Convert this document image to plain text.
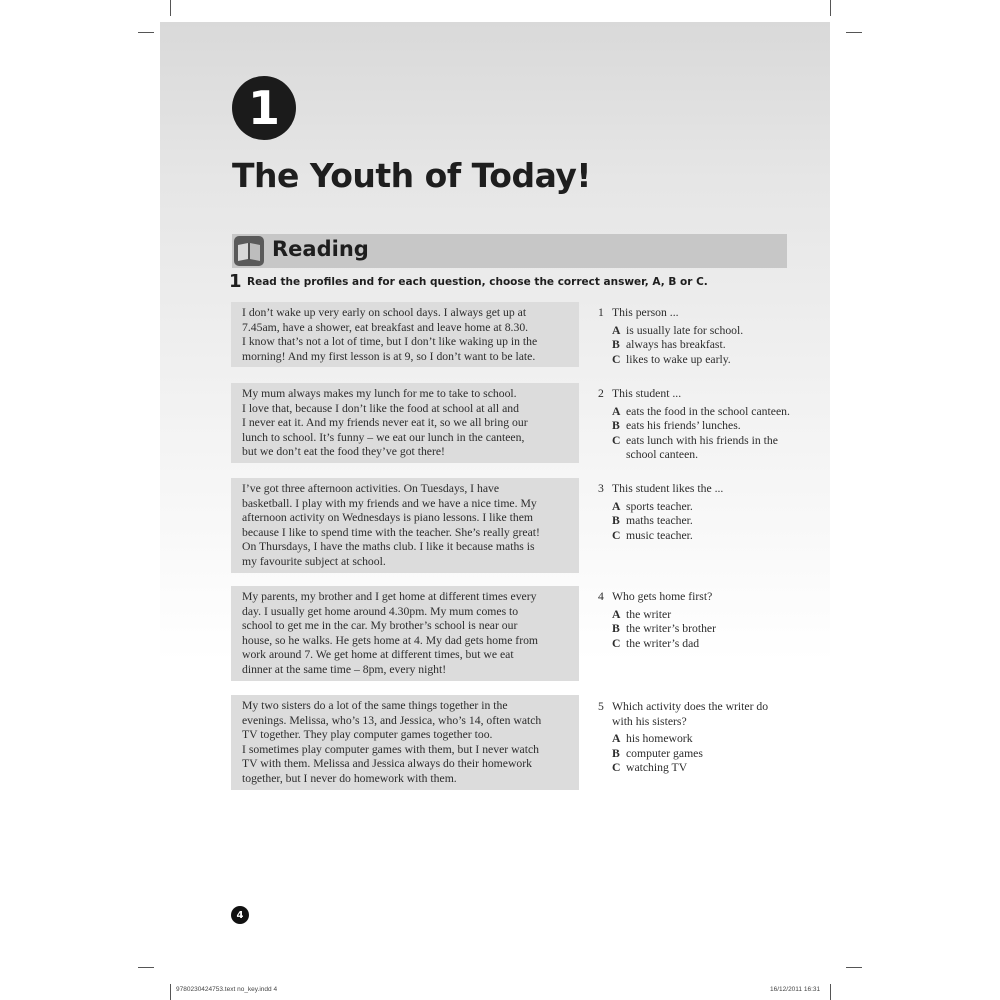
1
The Youth of Today!
Reading
1 Read the profiles and for each question, choose the correct answer, A, B or C.
I don’t wake up very early on school days. I always get up at
7.45am, have a shower, eat breakfast and leave home at 8.30.
I know that’s not a lot of time, but I don’t like waking up in the
morning! And my first lesson is at 9, so I don’t want to be late.
My mum always makes my lunch for me to take to school.
I love that, because I don’t like the food at school at all and
I never eat it. And my friends never eat it, so we all bring our
lunch to school. It’s funny – we eat our lunch in the canteen,
but we don’t eat the food they’ve got there!
I’ve got three afternoon activities. On Tuesdays, I have
basketball. I play with my friends and we have a nice time. My
afternoon activity on Wednesdays is piano lessons. I like them
because I like to spend time with the teacher. She’s really great!
On Thursdays, I have the maths club. I like it because maths is
my favourite subject at school.
My parents, my brother and I get home at different times every
day. I usually get home around 4.30pm. My mum comes to
school to get me in the car. My brother’s school is near our
house, so he walks. He gets home at 4. My dad gets home from
work around 7. We get home at different times, but we eat
dinner at the same time – 8pm, every night!
My two sisters do a lot of the same things together in the
evenings. Melissa, who’s 13, and Jessica, who’s 14, often watch
TV together. They play computer games together too.
I sometimes play computer games with them, but I never watch
TV with them. Melissa and Jessica always do their homework
together, but I never do homework with them.
1 This person ...
A is usually late for school.
B always has breakfast.
C likes to wake up early.
2 This student ...
A eats the food in the school canteen.
B eats his friends’ lunches.
C eats lunch with his friends in the
school canteen.
3 This student likes the ...
A sports teacher.
B maths teacher.
C music teacher.
4 Who gets home first?
A the writer
B the writer’s brother
C the writer’s dad
5 Which activity does the writer do
with his sisters?
A his homework
B computer games
C watching TV
4
9780230424753.text no_key.indd 4	16/12/2011 16:31
